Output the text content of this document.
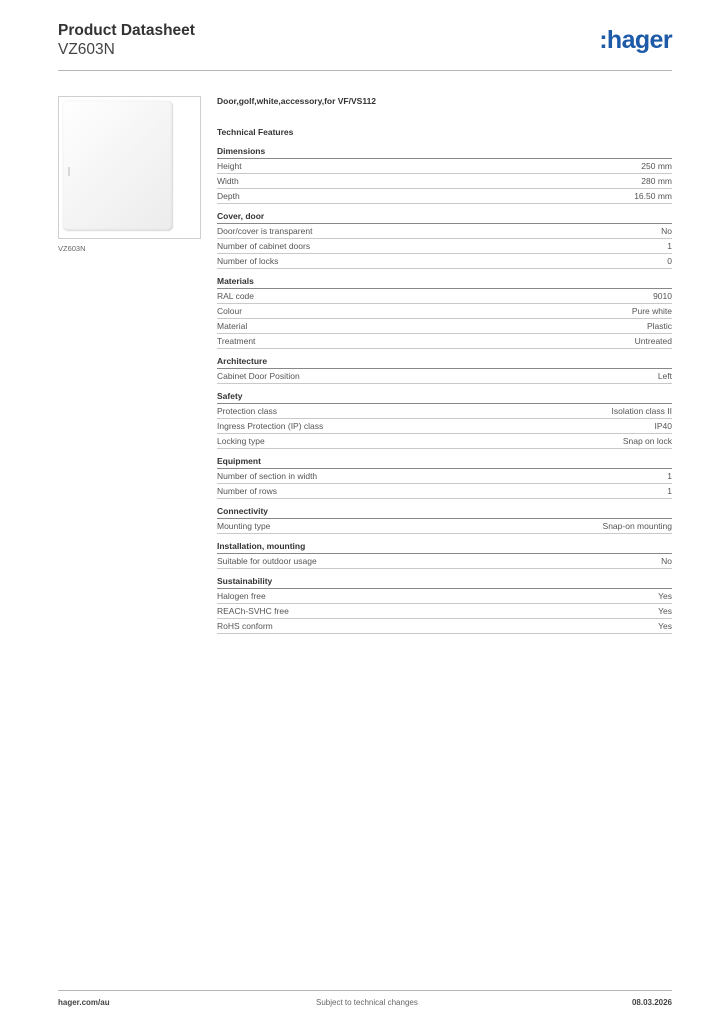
Product Datasheet
VZ603N	:hager
VZ603N
Door,golf,white,accessory,for VF/VS112
Technical Features
Dimensions
Height	250 mm
Width	280 mm
Depth	16.50 mm
Cover, door
Door/cover is transparent	No
Number of cabinet doors	1
Number of locks	0
Materials
RAL code	9010
Colour	Pure white
Material	Plastic
Treatment	Untreated
Architecture
Cabinet Door Position	Left
Safety
Protection class	Isolation class II
Ingress Protection (IP) class	IP40
Locking type	Snap on lock
Equipment
Number of section in width	1
Number of rows	1
Connectivity
Mounting type	Snap-on mounting
Installation, mounting
Suitable for outdoor usage	No
Sustainability
Halogen free	Yes
REACh-SVHC free	Yes
RoHS conform	Yes
hager.com/au	Subject to technical changes	08.03.2026
